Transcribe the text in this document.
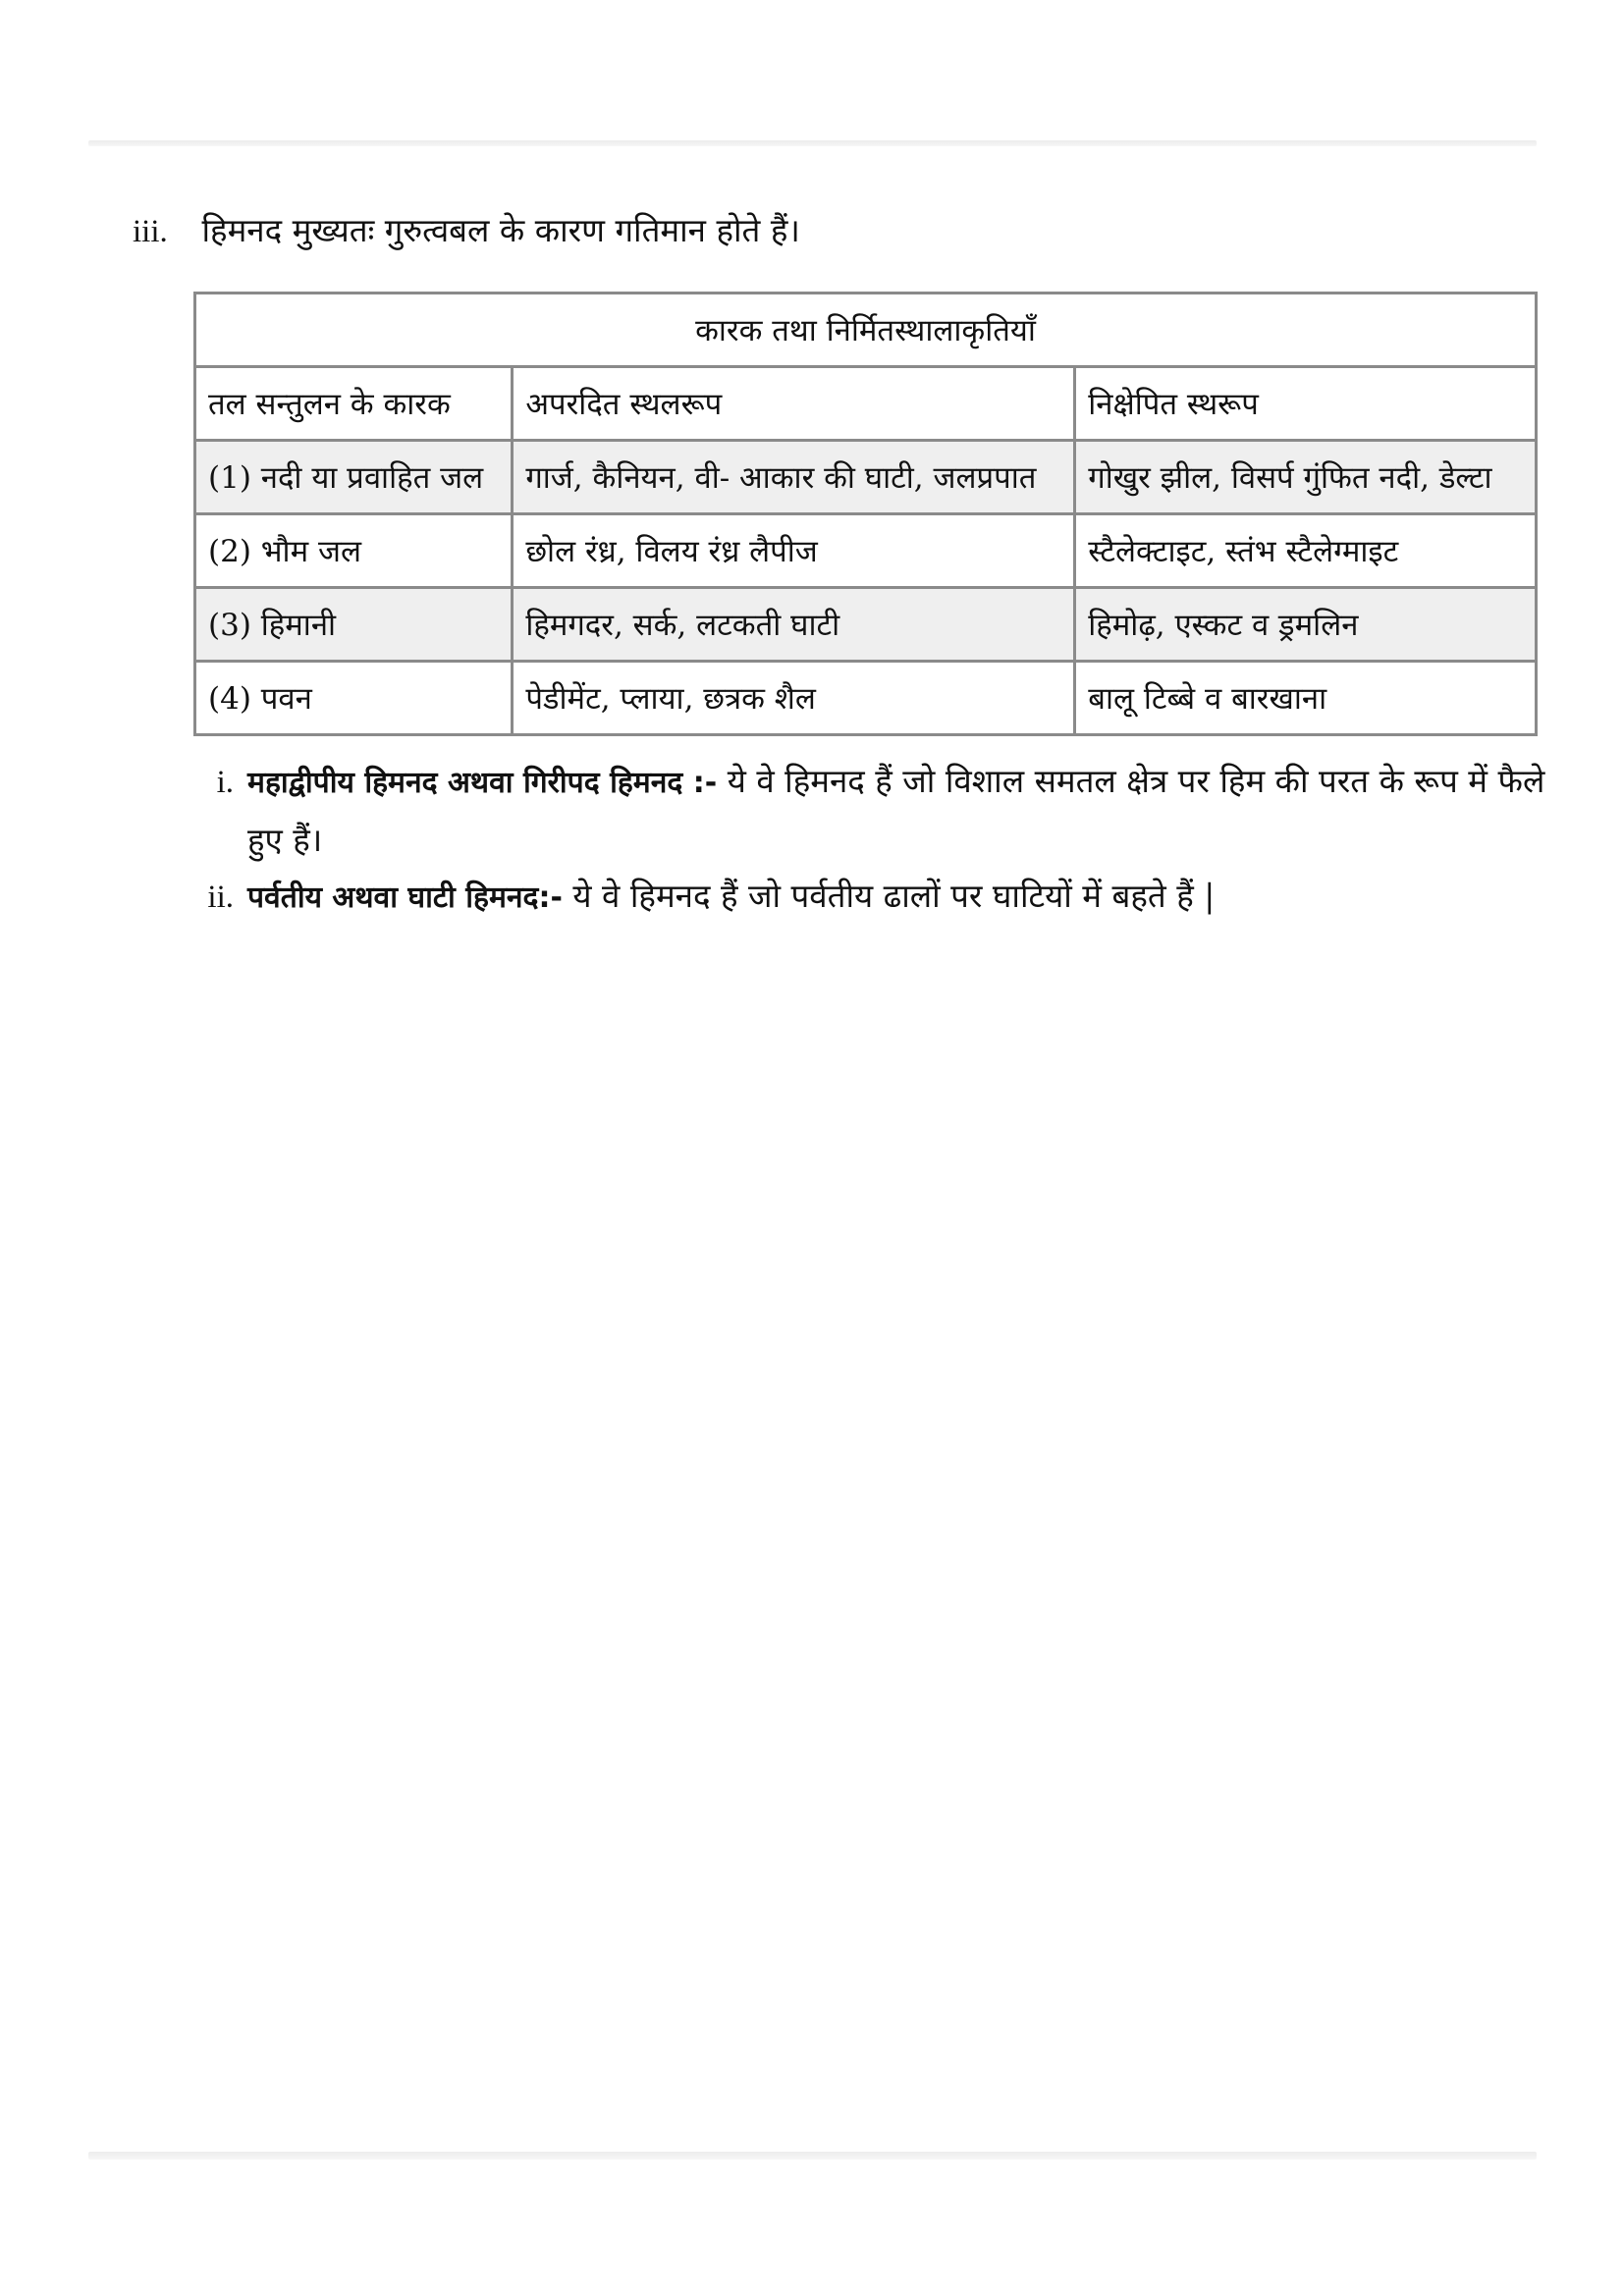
iii. हिमनद मुख्यतः गुरुत्वबल के कारण गतिमान होते हैं।
कारक तथा निर्मितस्थालाकृतियाँ		
तल सन्तुलन के कारक	अपरदित स्थलरूप	निक्षेपित स्थरूप
(1) नदी या प्रवाहित जल	गार्ज, कैनियन, वी- आकार की घाटी, जलप्रपात	गोखुर झील, विसर्प गुंफित नदी, डेल्टा
(2) भौम जल	छोल रंध्र, विलय रंध्र लैपीज	स्टैलेक्टाइट, स्तंभ स्टैलेग्माइट
(3) हिमानी	हिमगदर, सर्क, लटकती घाटी	हिमोढ़, एस्कट व ड्रमलिन
(4) पवन	पेडीमेंट, प्लाया, छत्रक शैल	बालू टिब्बे व बारखाना
i. महाद्वीपीय हिमनद अथवा गिरीपद हिमनद :- ये वे हिमनद हैं जो विशाल समतल क्षेत्र पर हिम की परत के रूप में फैले
हुए हैं।
ii. पर्वतीय अथवा घाटी हिमनद:- ये वे हिमनद हैं जो पर्वतीय ढालों पर घाटियों में बहते हैं |
